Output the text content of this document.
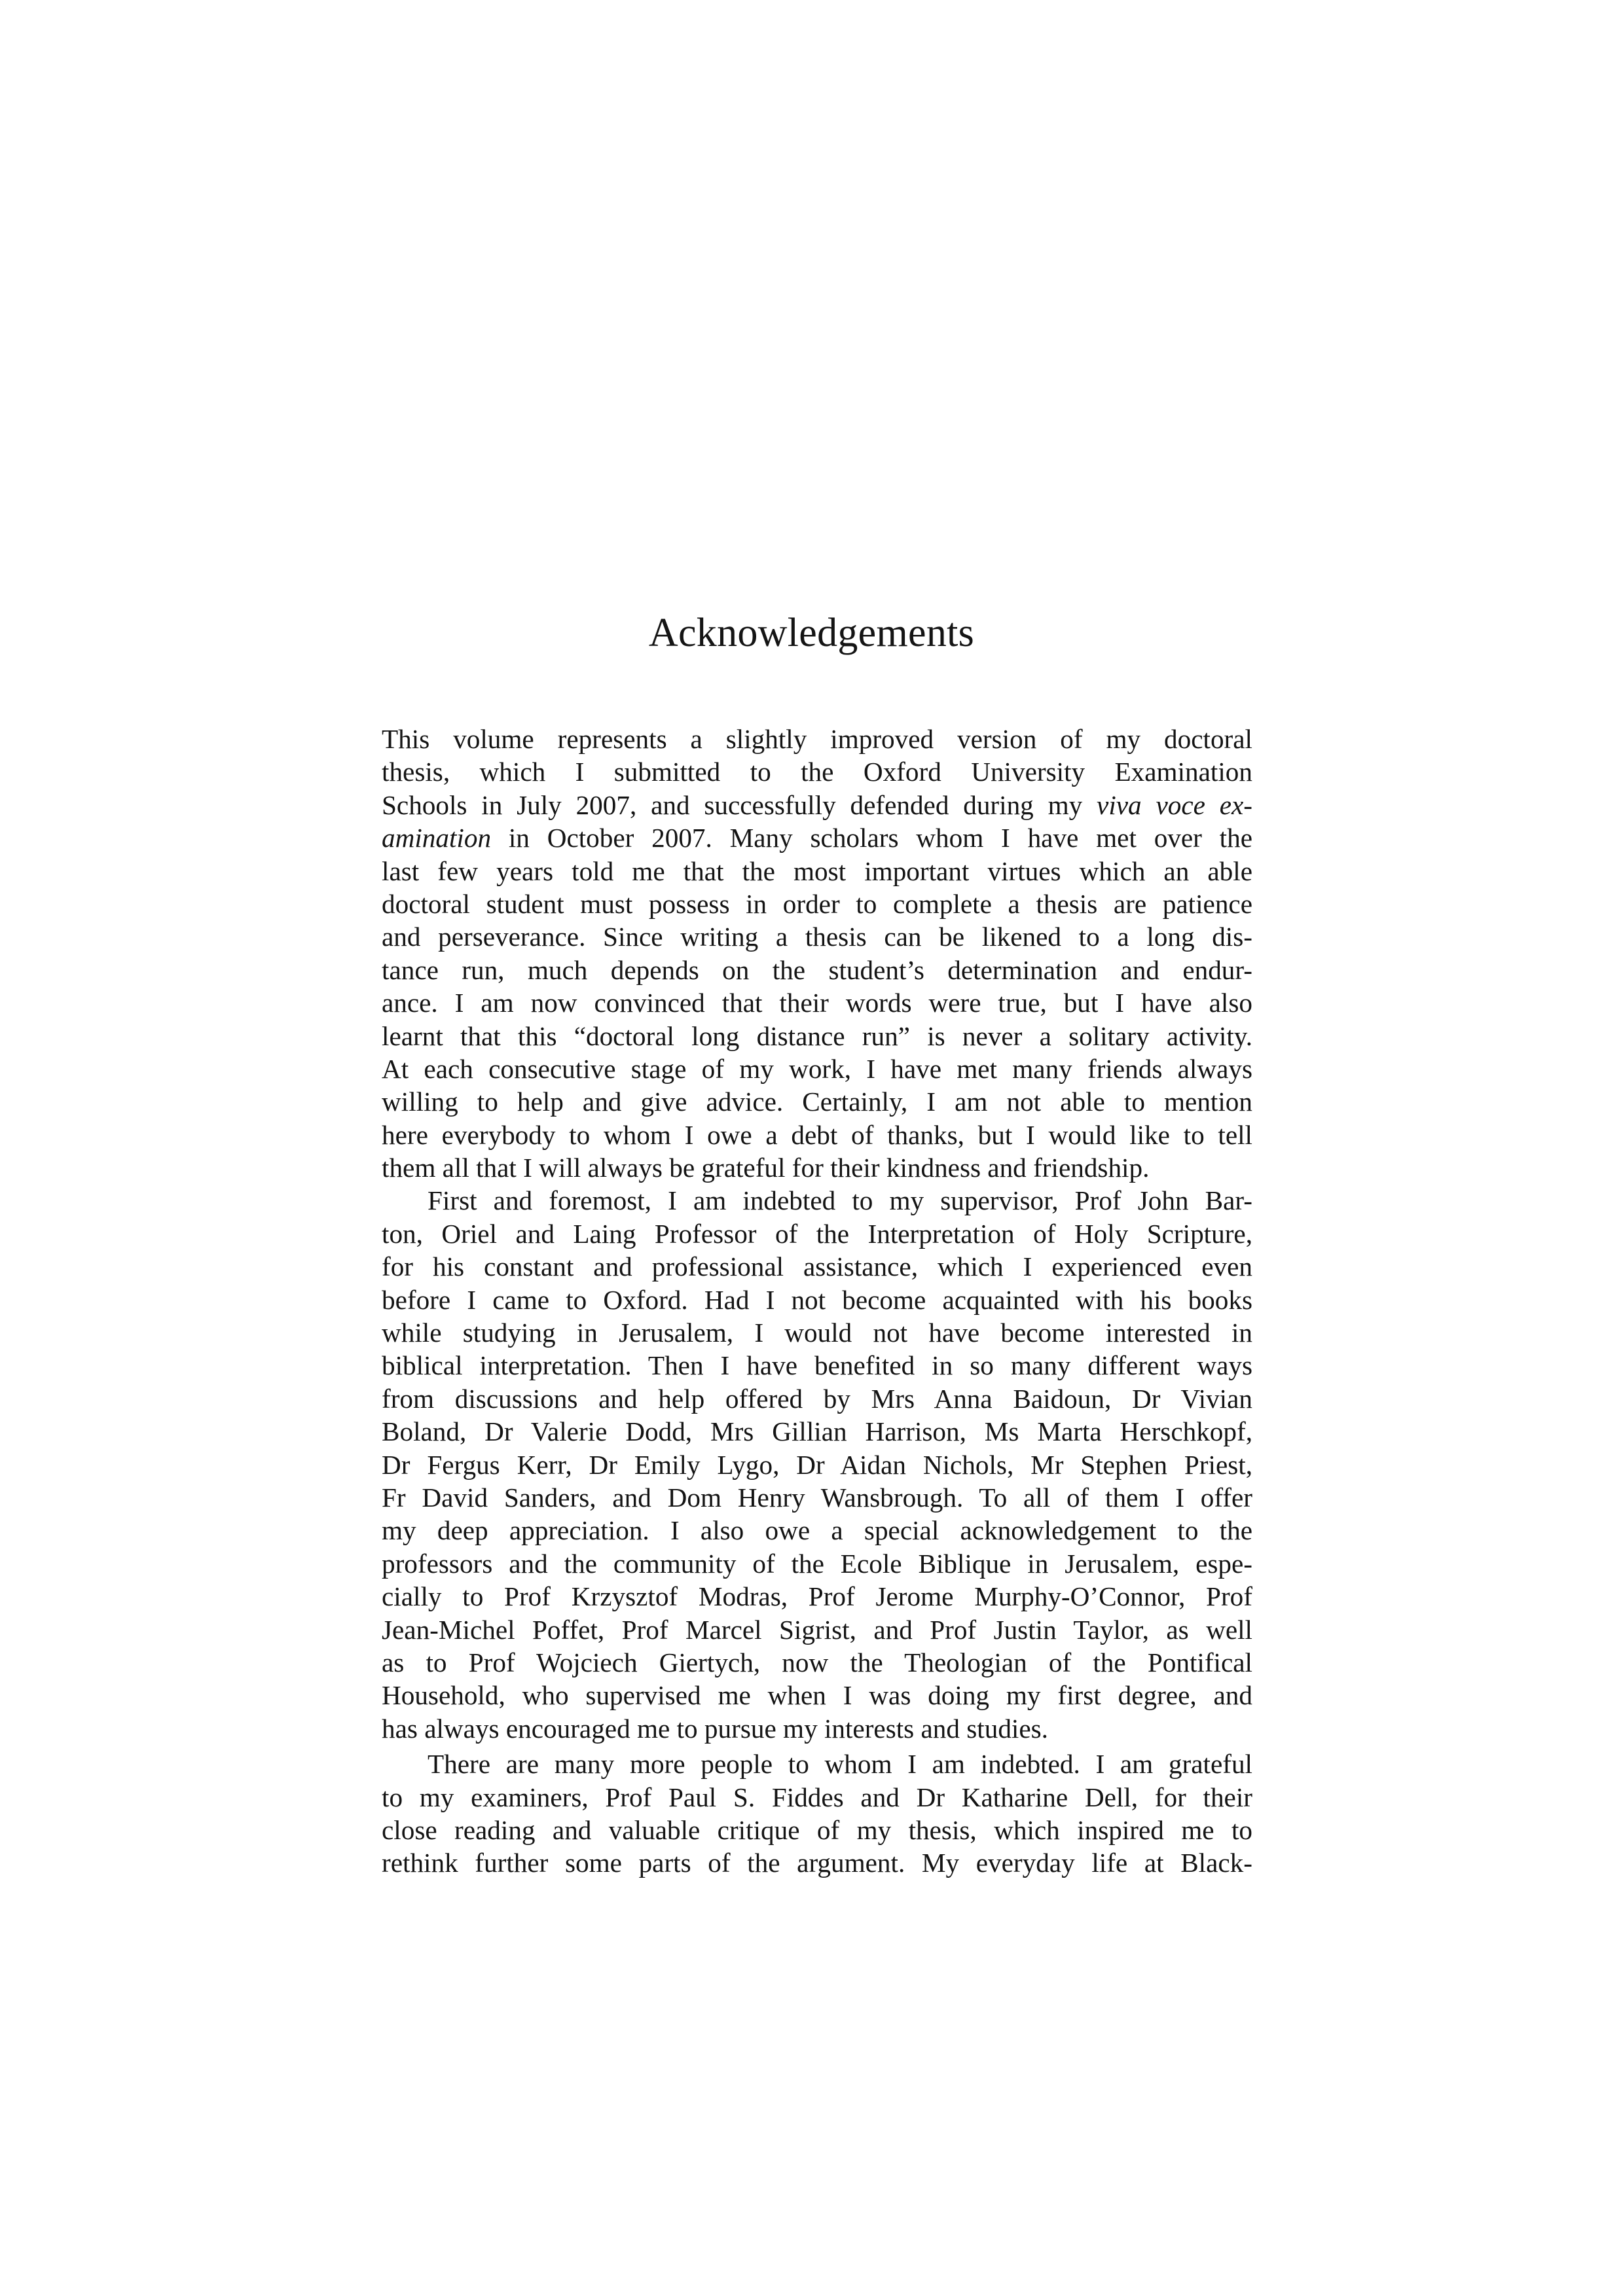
Acknowledgements
This volume represents a slightly improved version of my doctoral
thesis, which I submitted to the Oxford University Examination
Schools in July 2007, and successfully defended during my viva voce ex-
amination in October 2007. Many scholars whom I have met over the
last few years told me that the most important virtues which an able
doctoral student must possess in order to complete a thesis are patience
and perseverance. Since writing a thesis can be likened to a long dis-
tance run, much depends on the student’s determination and endur-
ance. I am now convinced that their words were true, but I have also
learnt that this “doctoral long distance run” is never a solitary activity.
At each consecutive stage of my work, I have met many friends always
willing to help and give advice. Certainly, I am not able to mention
here everybody to whom I owe a debt of thanks, but I would like to tell
them all that I will always be grateful for their kindness and friendship.
First and foremost, I am indebted to my supervisor, Prof John Bar-
ton, Oriel and Laing Professor of the Interpretation of Holy Scripture,
for his constant and professional assistance, which I experienced even
before I came to Oxford. Had I not become acquainted with his books
while studying in Jerusalem, I would not have become interested in
biblical interpretation. Then I have benefited in so many different ways
from discussions and help offered by Mrs Anna Baidoun, Dr Vivian
Boland, Dr Valerie Dodd, Mrs Gillian Harrison, Ms Marta Herschkopf,
Dr Fergus Kerr, Dr Emily Lygo, Dr Aidan Nichols, Mr Stephen Priest,
Fr David Sanders, and Dom Henry Wansbrough. To all of them I offer
my deep appreciation. I also owe a special acknowledgement to the
professors and the community of the Ecole Biblique in Jerusalem, espe-
cially to Prof Krzysztof Modras, Prof Jerome Murphy-O’Connor, Prof
Jean-Michel Poffet, Prof Marcel Sigrist, and Prof Justin Taylor, as well
as to Prof Wojciech Giertych, now the Theologian of the Pontifical
Household, who supervised me when I was doing my first degree, and
has always encouraged me to pursue my interests and studies.
There are many more people to whom I am indebted. I am grateful
to my examiners, Prof Paul S. Fiddes and Dr Katharine Dell, for their
close reading and valuable critique of my thesis, which inspired me to
rethink further some parts of the argument. My everyday life at Black-
